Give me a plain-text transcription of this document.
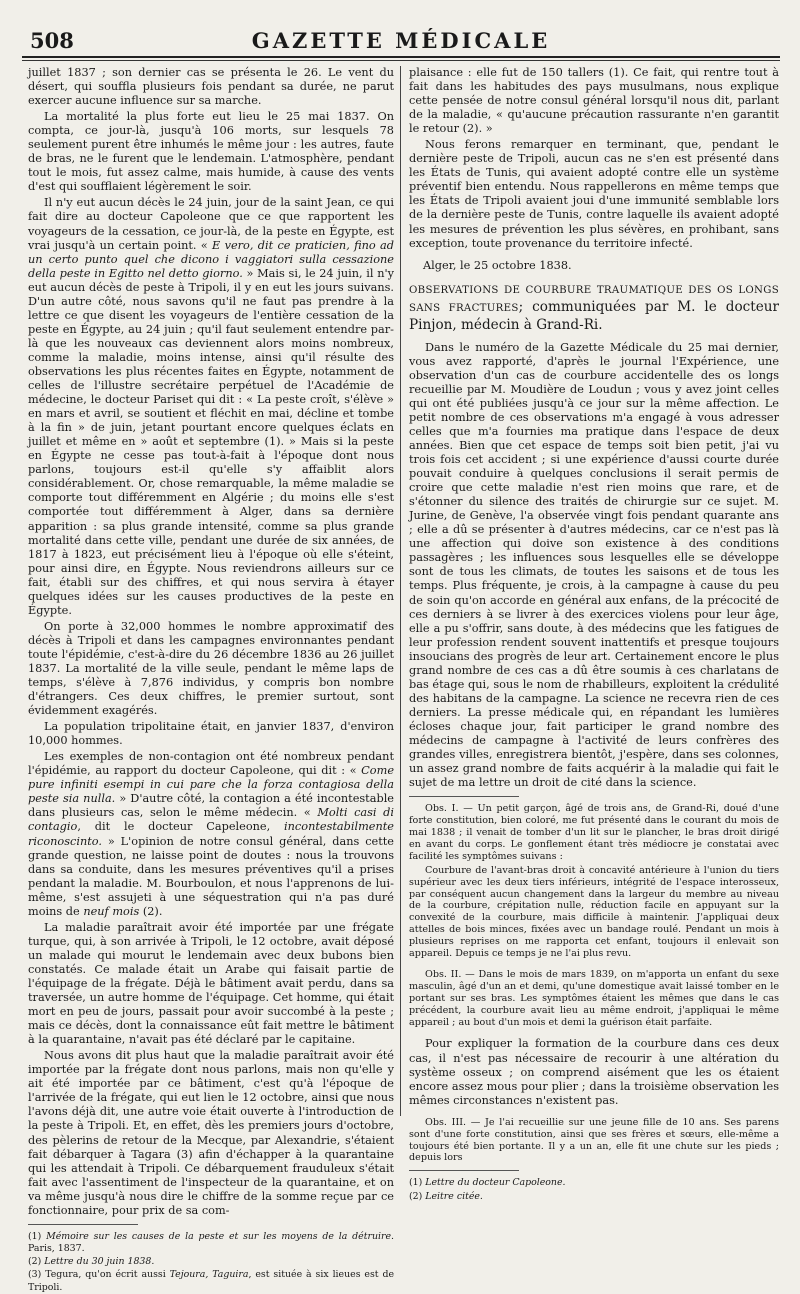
508	GAZETTE MÉDICALE

juillet 1837 ; son dernier cas se présenta le 26. Le vent du désert, qui souffla plusieurs fois pendant sa durée, ne parut exercer aucune influence sur sa marche.

La mortalité la plus forte eut lieu le 25 mai 1837. On compta, ce jour-là, jusqu'à 106 morts, sur lesquels 78 seulement purent être inhumés le même jour : les autres, faute de bras, ne le furent que le lendemain. L'atmosphère, pendant tout le mois, fut assez calme, mais humide, à cause des vents d'est qui soufflaient légèrement le soir.

Il n'y eut aucun décès le 24 juin, jour de la saint Jean, ce qui fait dire au docteur Capoleone que ce que rapportent les voyageurs de la cessation, ce jour-là, de la peste en Égypte, est vrai jusqu'à un certain point. « E vero, dit ce praticien, fino ad un certo punto quel che dicono i vaggiatori sulla cessazione della peste in Egitto nel detto giorno. » Mais si, le 24 juin, il n'y eut aucun décès de peste à Tripoli, il y en eut les jours suivans. D'un autre côté, nous savons qu'il ne faut pas prendre à la lettre ce que disent les voyageurs de l'entière cessation de la peste en Égypte, au 24 juin ; qu'il faut seulement entendre par-là que les nouveaux cas deviennent alors moins nombreux, comme la maladie, moins intense, ainsi qu'il résulte des observations les plus récentes faites en Égypte, notamment de celles de l'illustre secrétaire perpétuel de l'Académie de médecine, le docteur Pariset qui dit : « La peste croît, s'élève » en mars et avril, se soutient et fléchit en mai, décline et tombe à la fin » de juin, jetant pourtant encore quelques éclats en juillet et même en » août et septembre (1). » Mais si la peste en Égypte ne cesse pas tout-à-fait à l'époque dont nous parlons, toujours est-il qu'elle s'y affaiblit alors considérablement. Or, chose remarquable, la même maladie se comporte tout différemment en Algérie ; du moins elle s'est comportée tout différemment à Alger, dans sa dernière apparition : sa plus grande intensité, comme sa plus grande mortalité dans cette ville, pendant une durée de six années, de 1817 à 1823, eut précisément lieu à l'époque où elle s'éteint, pour ainsi dire, en Égypte. Nous reviendrons ailleurs sur ce fait, établi sur des chiffres, et qui nous servira à étayer quelques idées sur les causes productives de la peste en Égypte.

On porte à 32,000 hommes le nombre approximatif des décès à Tripoli et dans les campagnes environnantes pendant toute l'épidémie, c'est-à-dire du 26 décembre 1836 au 26 juillet 1837. La mortalité de la ville seule, pendant le même laps de temps, s'élève à 7,876 individus, y compris bon nombre d'étrangers. Ces deux chiffres, le premier surtout, sont évidemment exagérés.

La population tripolitaine était, en janvier 1837, d'environ 10,000 hommes.

Les exemples de non-contagion ont été nombreux pendant l'épidémie, au rapport du docteur Capoleone, qui dit : « Come pure infiniti esempi in cui pare che la forza contagiosa della peste sia nulla. » D'autre côté, la contagion a été incontestable dans plusieurs cas, selon le même médecin. « Molti casi di contagio, dit le docteur Capeleone, incontestabilmente riconoscinto. » L'opinion de notre consul général, dans cette grande question, ne laisse point de doutes : nous la trouvons dans sa conduite, dans les mesures préventives qu'il a prises pendant la maladie. M. Bourboulon, et nous l'apprenons de lui-même, s'est assujeti à une séquestration qui n'a pas duré moins de neuf mois (2).

La maladie paraîtrait avoir été importée par une frégate turque, qui, à son arrivée à Tripoli, le 12 octobre, avait déposé un malade qui mourut le lendemain avec deux bubons bien constatés. Ce malade était un Arabe qui faisait partie de l'équipage de la frégate. Déjà le bâtiment avait perdu, dans sa traversée, un autre homme de l'équipage. Cet homme, qui était mort en peu de jours, passait pour avoir succombé à la peste ; mais ce décès, dont la connaissance eût fait mettre le bâtiment à la quarantaine, n'avait pas été déclaré par le capitaine.

Nous avons dit plus haut que la maladie paraîtrait avoir été importée par la frégate dont nous parlons, mais non qu'elle y ait été importée par ce bâtiment, c'est qu'à l'époque de l'arrivée de la frégate, qui eut lien le 12 octobre, ainsi que nous l'avons déjà dit, une autre voie était ouverte à l'introduction de la peste à Tripoli. Et, en effet, dès les premiers jours d'octobre, des pèlerins de retour de la Mecque, par Alexandrie, s'étaient fait débarquer à Tagara (3) afin d'échapper à la quarantaine qui les attendait à Tripoli. Ce débarquement frauduleux s'était fait avec l'assentiment de l'inspecteur de la quarantaine, et on va même jusqu'à nous dire le chiffre de la somme reçue par ce fonctionnaire, pour prix de sa com-

(1) Mémoire sur les causes de la peste et sur les moyens de la détruire. Paris, 1837.

(2) Lettre du 30 juin 1838.

(3) Tegura, qu'on écrit aussi Tejoura, Taguira, est située à six lieues est de Tripoli.

plaisance : elle fut de 150 tallers (1). Ce fait, qui rentre tout à fait dans les habitudes des pays musulmans, nous explique cette pensée de notre consul général lorsqu'il nous dit, parlant de la maladie, « qu'aucune précaution rassurante n'en garantit le retour (2). »

Nous ferons remarquer en terminant, que, pendant le dernière peste de Tripoli, aucun cas ne s'en est présenté dans les États de Tunis, qui avaient adopté contre elle un système préventif bien entendu. Nous rappellerons en même temps que les États de Tripoli avaient joui d'une immunité semblable lors de la dernière peste de Tunis, contre laquelle ils avaient adopté les mesures de prévention les plus sévères, en prohibant, sans exception, toute provenance du territoire infecté.

Alger, le 25 octobre 1838.

OBSERVATIONS DE COURBURE TRAUMATIQUE DES OS LONGS SANS FRACTURES; communiquées par M. le docteur Pinjon, médecin à Grand-Ri.

Dans le numéro de la Gazette Médicale du 25 mai dernier, vous avez rapporté, d'après le journal l'Expérience, une observation d'un cas de courbure accidentelle des os longs recueillie par M. Moudière de Loudun ; vous y avez joint celles qui ont été publiées jusqu'à ce jour sur la même affection. Le petit nombre de ces observations m'a engagé à vous adresser celles que m'a fournies ma pratique dans l'espace de deux années. Bien que cet espace de temps soit bien petit, j'ai vu trois fois cet accident ; si une expérience d'aussi courte durée pouvait conduire à quelques conclusions il serait permis de croire que cette maladie n'est rien moins que rare, et de s'étonner du silence des traités de chirurgie sur ce sujet. M. Jurine, de Genève, l'a observée vingt fois pendant quarante ans ; elle a dû se présenter à d'autres médecins, car ce n'est pas là une affection qui doive son existence à des conditions passagères ; les influences sous lesquelles elle se développe sont de tous les climats, de toutes les saisons et de tous les temps. Plus fréquente, je crois, à la campagne à cause du peu de soin qu'on accorde en général aux enfans, de la précocité de ces derniers à se livrer à des exercices violens pour leur âge, elle a pu s'offrir, sans doute, à des médecins que les fatigues de leur profession rendent souvent inattentifs et presque toujours insoucians des progrès de leur art. Certainement encore le plus grand nombre de ces cas a dû être soumis à ces charlatans de bas étage qui, sous le nom de rhabilleurs, exploitent la crédulité des habitans de la campagne. La science ne recevra rien de ces derniers. La presse médicale qui, en répandant les lumières écloses chaque jour, fait participer le grand nombre des médecins de campagne à l'activité de leurs confrères des grandes villes, enregistrera bientôt, j'espère, dans ses colonnes, un assez grand nombre de faits acquérir à la maladie qui fait le sujet de ma lettre un droit de cité dans la science.

Obs. I. — Un petit garçon, âgé de trois ans, de Grand-Ri, doué d'une forte constitution, bien coloré, me fut présenté dans le courant du mois de mai 1838 ; il venait de tomber d'un lit sur le plancher, le bras droit dirigé en avant du corps. Le gonflement étant très médiocre je constatai avec facilité les symptômes suivans :

Courbure de l'avant-bras droit à concavité antérieure à l'union du tiers supérieur avec les deux tiers inférieurs, intégrité de l'espace interosseux, par conséquent aucun changement dans la largeur du membre au niveau de la courbure, crépitation nulle, réduction facile en appuyant sur la convexité de la courbure, mais difficile à maintenir. J'appliquai deux attelles de bois minces, fixées avec un bandage roulé. Pendant un mois à plusieurs reprises on me rapporta cet enfant, toujours il enlevait son appareil. Depuis ce temps je ne l'ai plus revu.

Obs. II. — Dans le mois de mars 1839, on m'apporta un enfant du sexe masculin, âgé d'un an et demi, qu'une domestique avait laissé tomber en le portant sur ses bras. Les symptômes étaient les mêmes que dans le cas précédent, la courbure avait lieu au même endroit, j'appliquai le même appareil ; au bout d'un mois et demi la guérison était parfaite.

Pour expliquer la formation de la courbure dans ces deux cas, il n'est pas nécessaire de recourir à une altération du système osseux ; on comprend aisément que les os étaient encore assez mous pour plier ; dans la troisième observation les mêmes circonstances n'existent pas.

Obs. III. — Je l'ai recueillie sur une jeune fille de 10 ans. Ses parens sont d'une forte constitution, ainsi que ses frères et sœurs, elle-même a toujours été bien portante. Il y a un an, elle fit une chute sur les pieds ; depuis lors

(1) Lettre du docteur Capoleone.

(2) Leitre citée.
